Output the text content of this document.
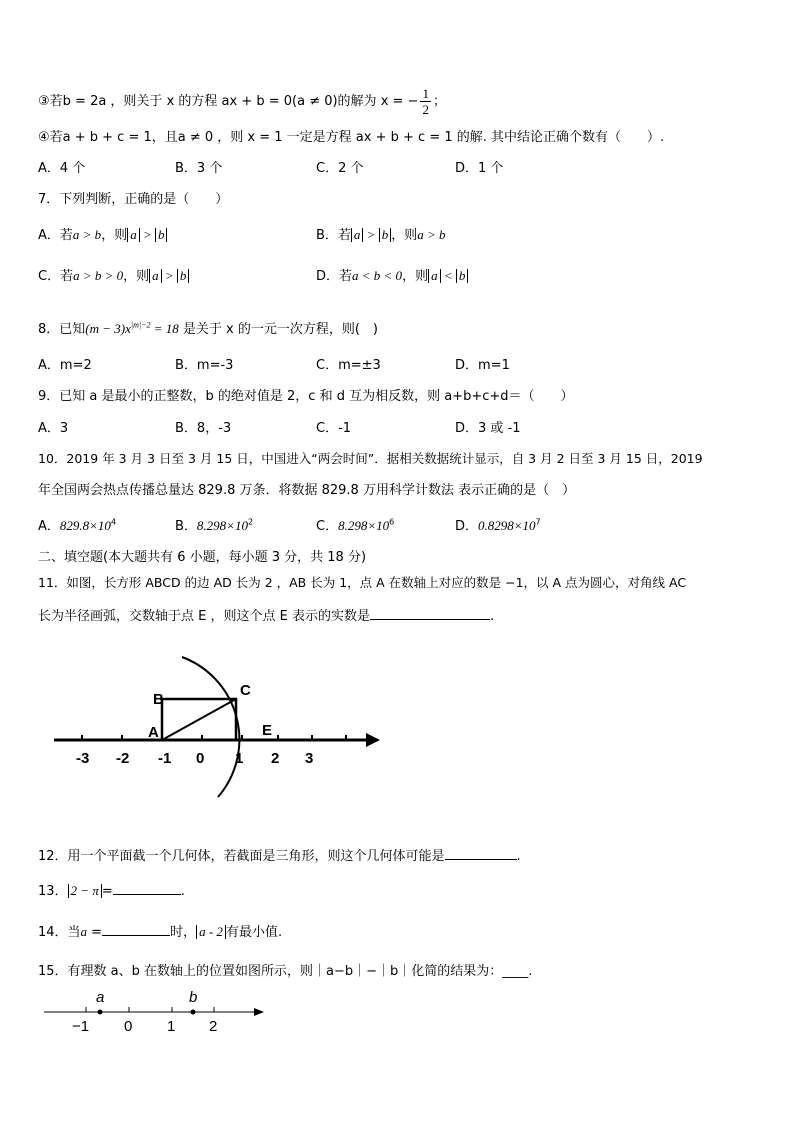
③若b = 2a ，则关于 x 的方程 ax + b = 0(a ≠ 0)的解为 x = − $\frac{1}{2}$ ；
④若a + b + c = 1，且a ≠ 0 ，则 x = 1 一定是方程 ax + b + c = 1 的解. 其中结论正确个数有（　　）.
A．4 个	B．3 个	C．2 个	D．1 个
7．下列判断，正确的是（　　）
A．若a > b，则 a > b	B．若 a > b ，则a > b
C．若a > b > 0，则 a > b	D．若a < b < 0，则 a < b
8．已知$(m - 3)x^{|m|-2} = 18$ 是关于 x 的一元一次方程，则(　)
A．m=2	B．m=-3	C．m=±3	D．m=1
9．已知 a 是最小的正整数，b 的绝对值是 2，c 和 d 互为相反数，则 a+b+c+d＝（　　）
A．3	B．8，-3	C．-1	D．3 或 -1
10．2019 年 3 月 3 日至 3 月 15 日，中国进入“两会时间”．据相关数据统计显示，自 3 月 2 日至 3 月 15 日，2019
年全国两会热点传播总量达 829.8 万条．将数据 829.8 万用科学计数法 表示正确的是（　）
A．$829.8\times 10^4$	B．$8.298\times 10^2$	C．$8.298\times 10^6$	D．$0.8298\times 10^7$
二、填空题(本大题共有 6 小题，每小题 3 分，共 18 分)
11．如图，长方形 ABCD 的边 AD 长为 2 ，AB 长为 1，点 A 在数轴上对应的数是 −1，以 A 点为圆心，对角线 AC
长为半径画弧，交数轴于点 E ，则这个点 E 表示的实数是	.
B
C
A	E
-3 -2 -1 0 1 2 3
12．用一个平面截一个几何体，若截面是三角形，则这个几何体可能是	.
13． 2 − π =	.
14．当a =	时， a - 2 有最小值.
15．有理数 a、b 在数轴上的位置如图所示，则｜a−b｜−｜b｜化简的结果为：____.
a	b
−1 0 1 2
